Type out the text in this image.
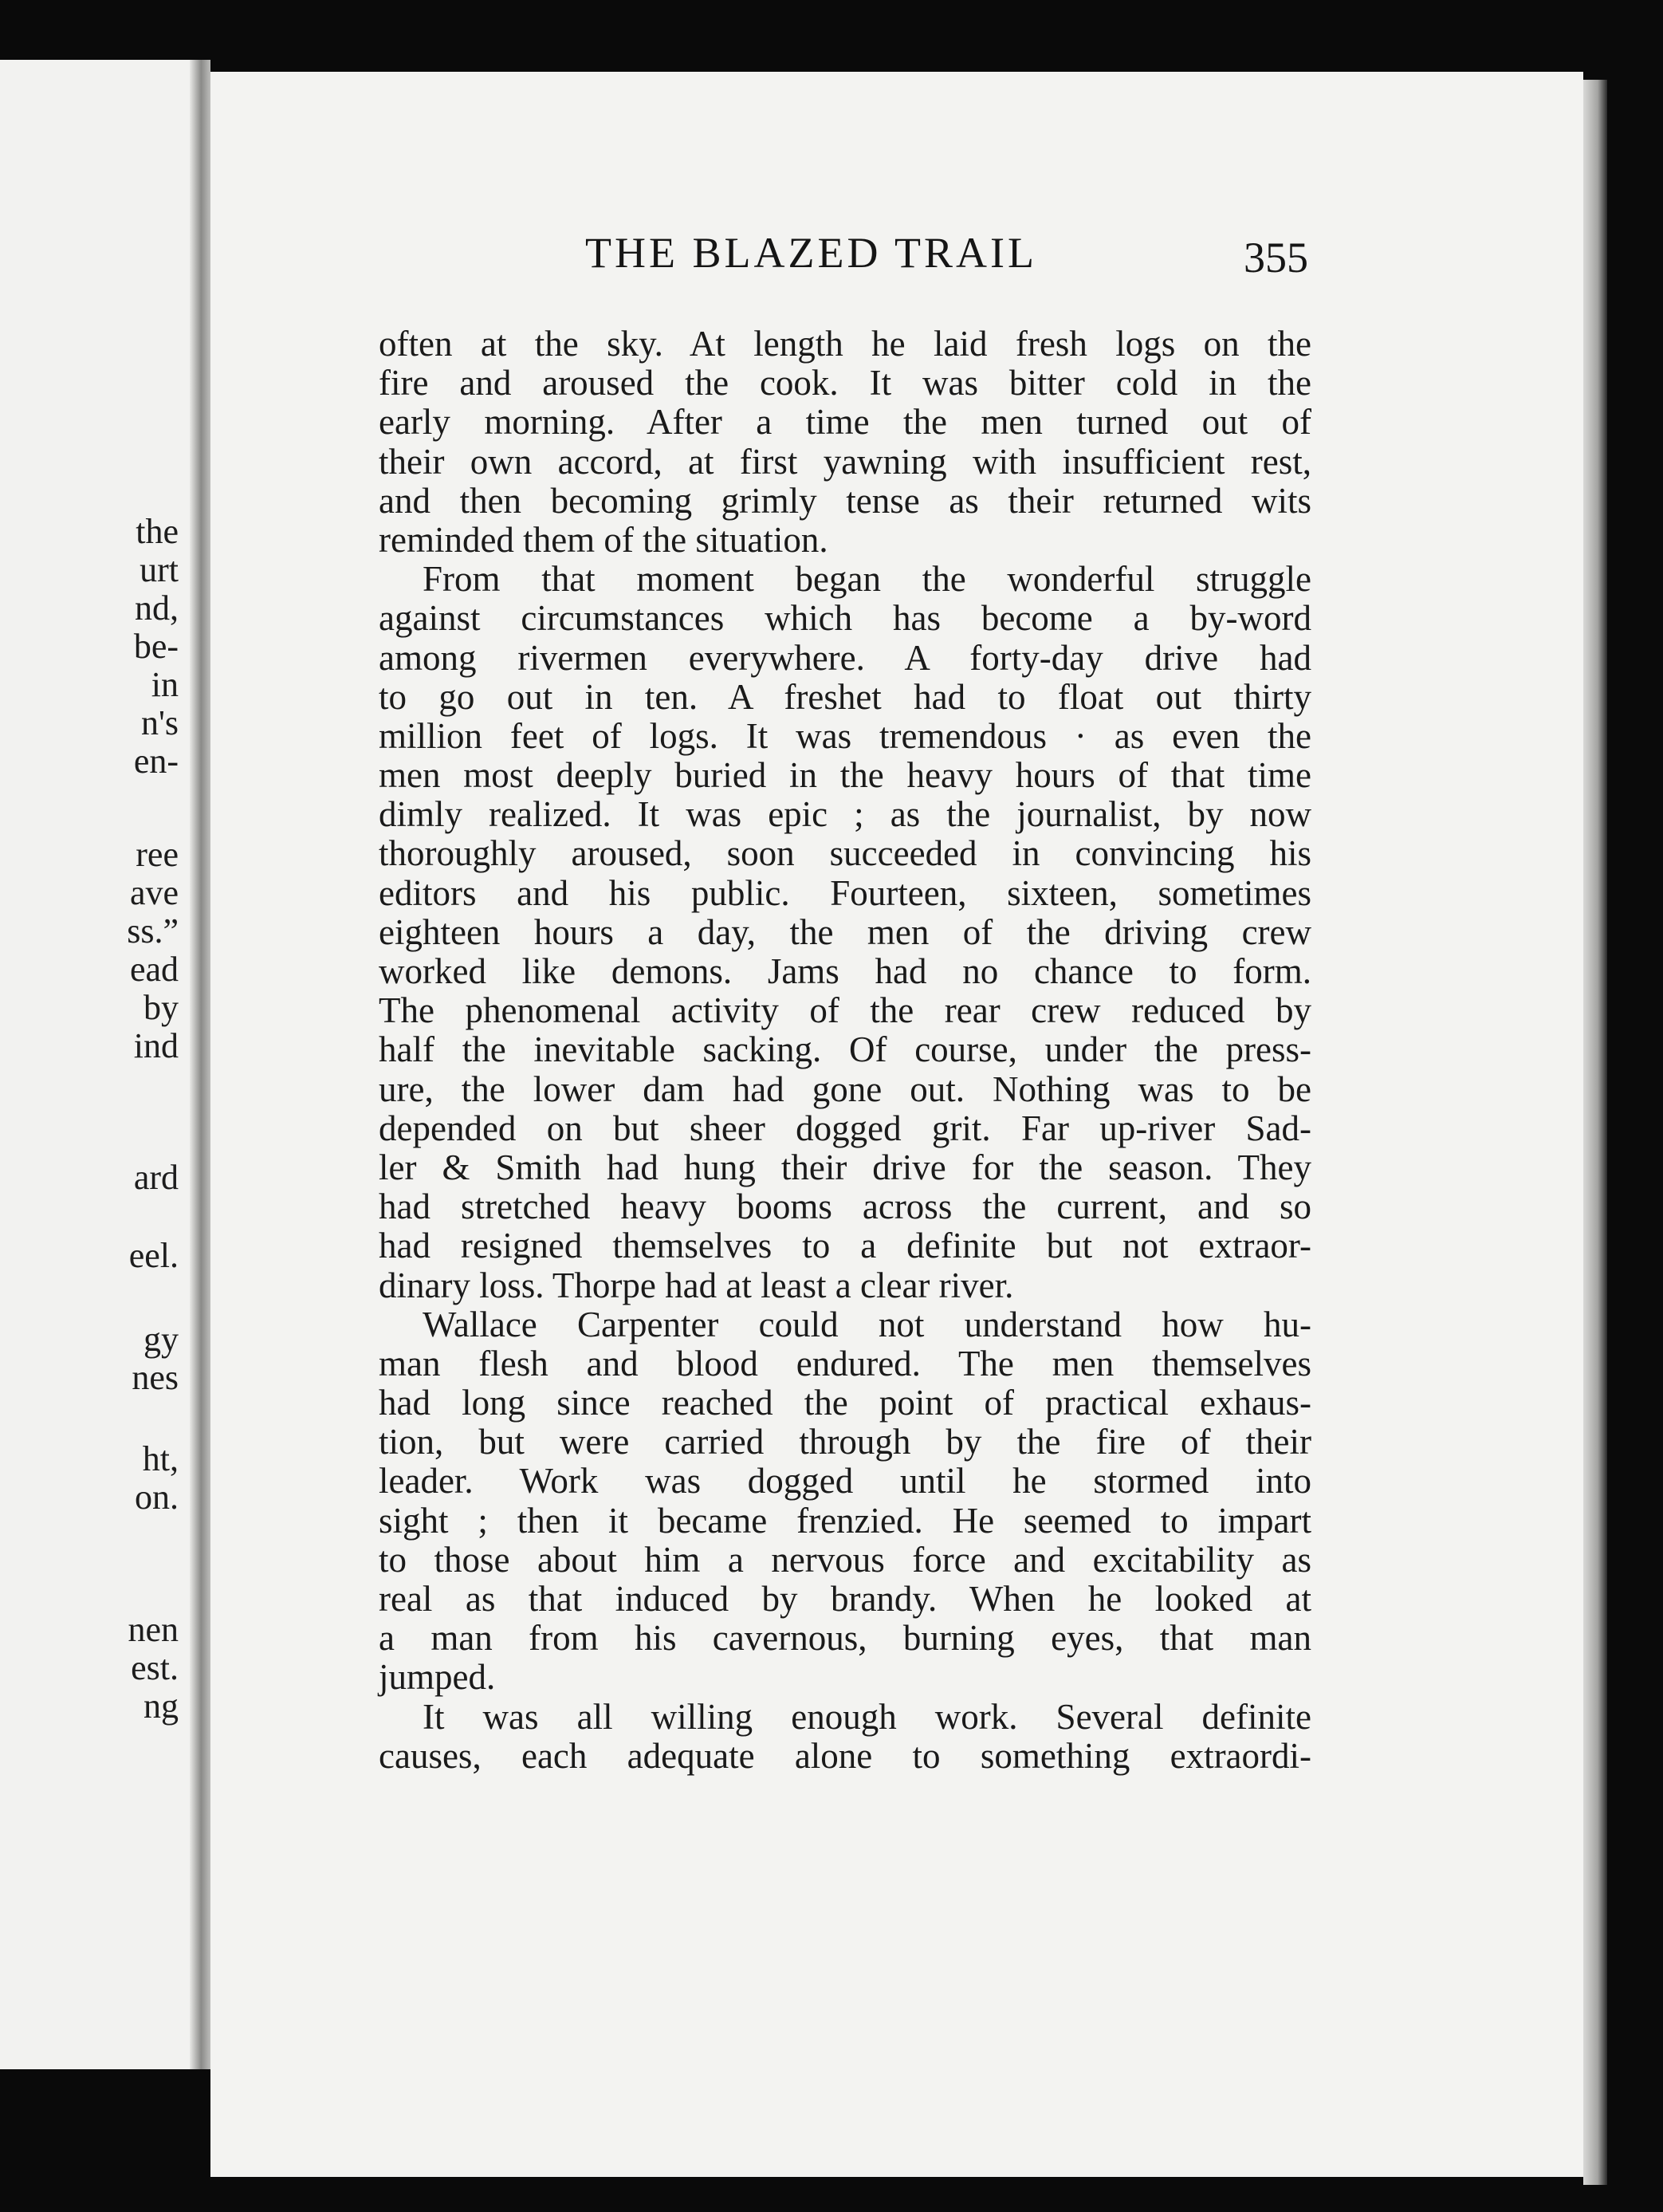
the
urt
nd,
be-
in
n's
en-
ree
ave
ss.”
ead
by
ind
ard
eel.
gy
nes
ht,
on.
nen
est.
ng
THE BLAZED TRAIL	355
often at the sky. At length he laid fresh logs on the
fire and aroused the cook. It was bitter cold in the
early morning. After a time the men turned out of
their own accord, at first yawning with insufficient rest,
and then becoming grimly tense as their returned wits
reminded them of the situation.
From that moment began the wonderful struggle
against circumstances which has become a by-word
among rivermen everywhere. A forty-day drive had
to go out in ten. A freshet had to float out thirty
million feet of logs. It was tremendous · as even the
men most deeply buried in the heavy hours of that time
dimly realized. It was epic ; as the journalist, by now
thoroughly aroused, soon succeeded in convincing his
editors and his public. Fourteen, sixteen, sometimes
eighteen hours a day, the men of the driving crew
worked like demons. Jams had no chance to form.
The phenomenal activity of the rear crew reduced by
half the inevitable sacking. Of course, under the press-
ure, the lower dam had gone out. Nothing was to be
depended on but sheer dogged grit. Far up-river Sad-
ler & Smith had hung their drive for the season. They
had stretched heavy booms across the current, and so
had resigned themselves to a definite but not extraor-
dinary loss. Thorpe had at least a clear river.
Wallace Carpenter could not understand how hu-
man flesh and blood endured. The men themselves
had long since reached the point of practical exhaus-
tion, but were carried through by the fire of their
leader. Work was dogged until he stormed into
sight ; then it became frenzied. He seemed to impart
to those about him a nervous force and excitability as
real as that induced by brandy. When he looked at
a man from his cavernous, burning eyes, that man
jumped.
It was all willing enough work. Several definite
causes, each adequate alone to something extraordi-
